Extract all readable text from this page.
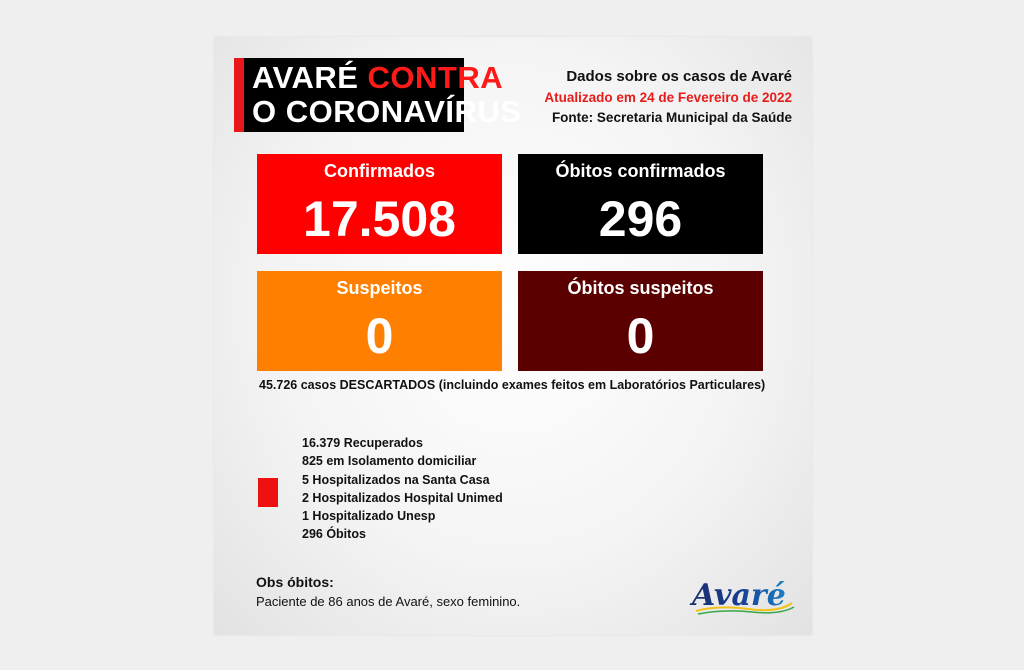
AVARÉ CONTRA
O CORONAVÍRUS
Dados sobre os casos de Avaré
Atualizado em 24 de Fevereiro de 2022
Fonte: Secretaria Municipal da Saúde
Confirmados
17.508
Óbitos confirmados
296
Suspeitos
0
Óbitos suspeitos
0
45.726 casos DESCARTADOS (incluindo exames feitos em Laboratórios Particulares)
16.379 Recuperados
825 em Isolamento domiciliar
5 Hospitalizados na Santa Casa
2 Hospitalizados Hospital Unimed
1 Hospitalizado Unesp
296 Óbitos
Obs óbitos:
Paciente de 86 anos de Avaré, sexo feminino.	Avaré
